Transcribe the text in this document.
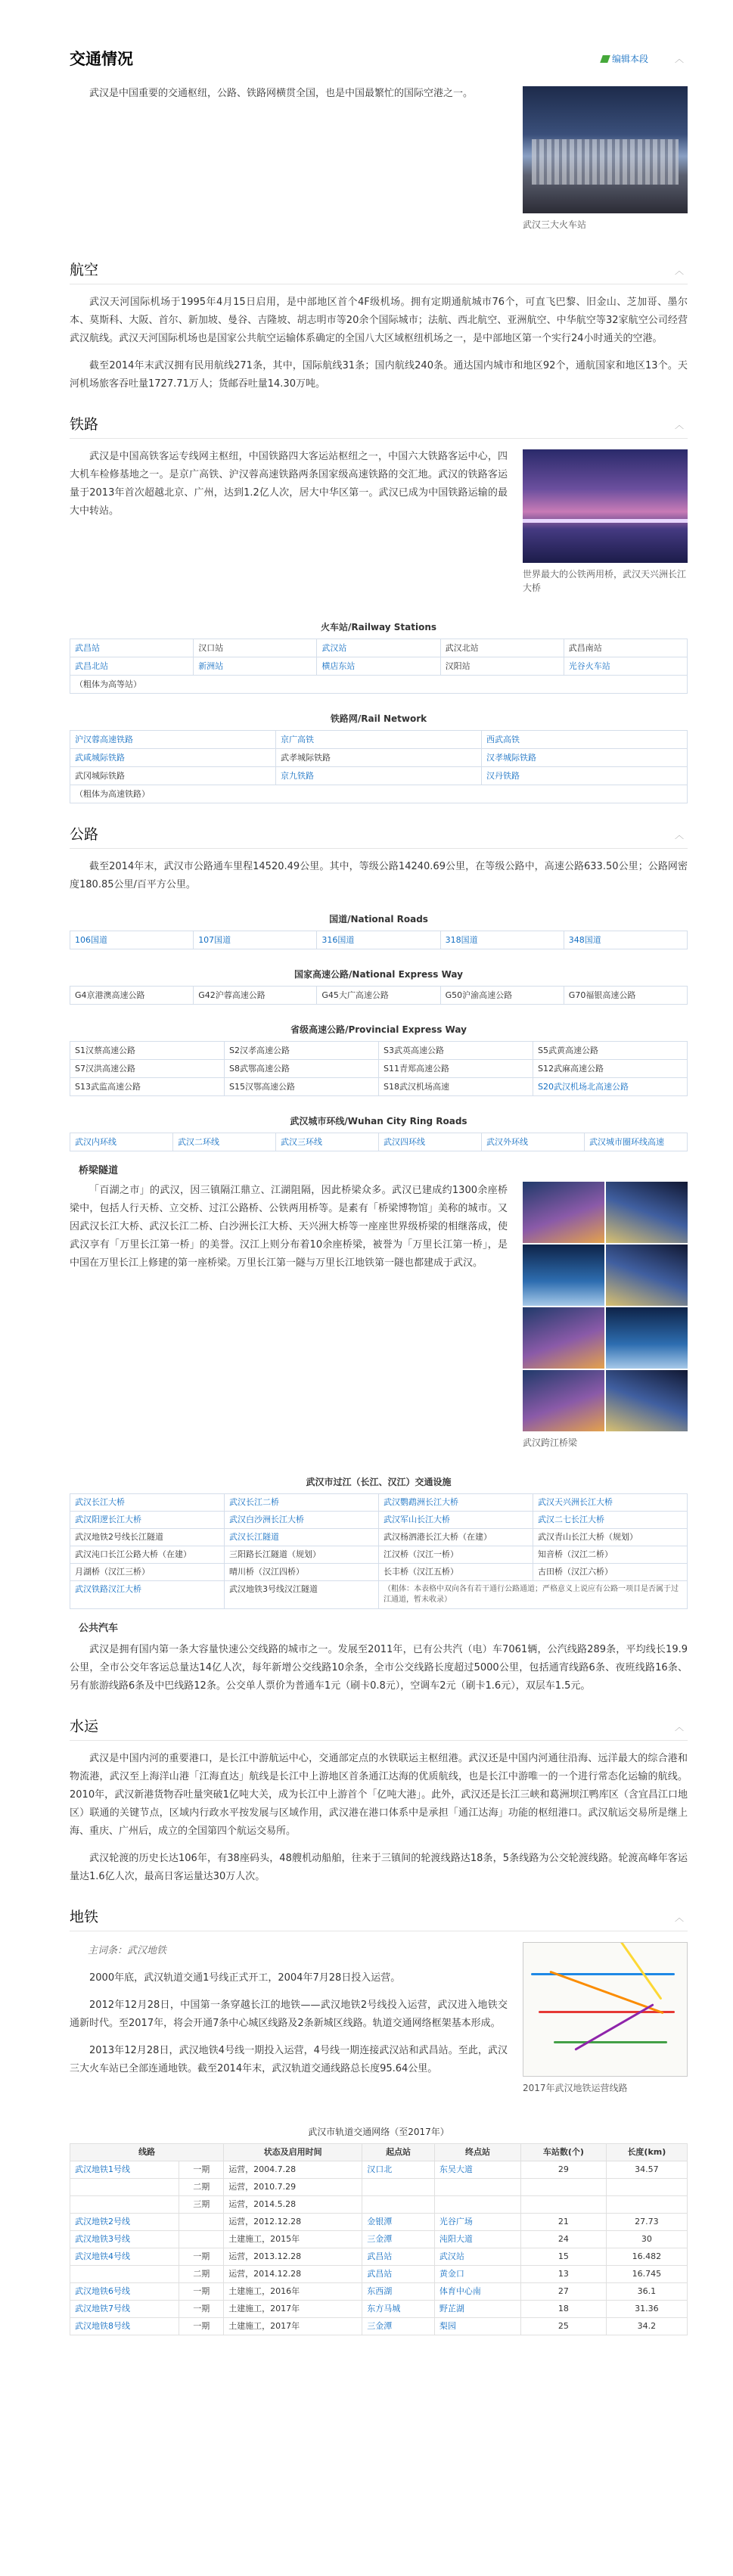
交通情况	编辑本段	︿
武汉三大火车站

武汉是中国重要的交通枢纽，公路、铁路网横贯全国，也是中国最繁忙的国际空港之一。

航空	︿

武汉天河国际机场于1995年4月15日启用，是中部地区首个4F级机场。拥有定期通航城市76个，可直飞巴黎、旧金山、芝加哥、墨尔本、莫斯科、大阪、首尔、新加坡、曼谷、吉隆坡、胡志明市等20余个国际城市；法航、西北航空、亚洲航空、中华航空等32家航空公司经营武汉航线。武汉天河国际机场也是国家公共航空运输体系确定的全国八大区域枢纽机场之一，是中部地区第一个实行24小时通关的空港。

截至2014年末武汉拥有民用航线271条，其中，国际航线31条；国内航线240条。通达国内城市和地区92个，通航国家和地区13个。天河机场旅客吞吐量1727.71万人；货邮吞吐量14.30万吨。

铁路	︿
世界最大的公铁两用桥，武汉天兴洲长江大桥

武汉是中国高铁客运专线网主枢纽，中国铁路四大客运站枢纽之一，中国六大铁路客运中心，四大机车检修基地之一。是京广高铁、沪汉蓉高速铁路两条国家级高速铁路的交汇地。武汉的铁路客运量于2013年首次超越北京、广州，达到1.2亿人次，居大中华区第一。武汉已成为中国铁路运输的最大中转站。

火车站/Railway Stations
武昌站	汉口站	武汉站	武汉北站	武昌南站
武昌北站	新洲站	横店东站	汉阳站	光谷火车站
（粗体为高等站）
铁路网/Rail Network
沪汉蓉高速铁路	京广高铁	西武高铁
武咸城际铁路	武孝城际铁路	汉孝城际铁路
武冈城际铁路	京九铁路	汉丹铁路
（粗体为高速铁路）
公路	︿

截至2014年末，武汉市公路通车里程14520.49公里。其中，等级公路14240.69公里，在等级公路中，高速公路633.50公里；公路网密度180.85公里/百平方公里。

国道/National Roads
106国道	107国道	316国道	318国道	348国道
国家高速公路/National Express Way
G4京港澳高速公路	G42沪蓉高速公路	G45大广高速公路	G50沪渝高速公路	G70福银高速公路
省级高速公路/Provincial Express Way
S1汉蔡高速公路	S2汉孝高速公路	S3武英高速公路	S5武黄高速公路
S7汉洪高速公路	S8武鄂高速公路	S11青郑高速公路	S12武麻高速公路
S13武监高速公路	S15汉鄂高速公路	S18武汉机场高速	S20武汉机场北高速公路
武汉城市环线/Wuhan City Ring Roads
武汉内环线	武汉二环线	武汉三环线	武汉四环线	武汉外环线	武汉城市圈环线高速
桥梁隧道
武汉跨江桥梁

「百湖之市」的武汉，因三镇隔江鼎立、江湖阻隔，因此桥梁众多。武汉已建成约1300余座桥梁中，包括人行天桥、立交桥、过江公路桥、公铁两用桥等。是素有「桥梁博物馆」美称的城市。又因武汉长江大桥、武汉长江二桥、白沙洲长江大桥、天兴洲大桥等一座座世界级桥梁的相继落成，使武汉享有「万里长江第一桥」的美誉。汉江上则分布着10余座桥梁，被誉为「万里长江第一桥」，是中国在万里长江上修建的第一座桥梁。万里长江第一隧与万里长江地铁第一隧也都建成于武汉。

武汉市过江（长江、汉江）交通设施
武汉长江大桥	武汉长江二桥	武汉鹦鹉洲长江大桥	武汉天兴洲长江大桥
武汉阳逻长江大桥	武汉白沙洲长江大桥	武汉军山长江大桥	武汉二七长江大桥
武汉地铁2号线长江隧道	武汉长江隧道	武汉杨泗港长江大桥（在建）	武汉青山长江大桥（规划）
武汉沌口长江公路大桥（在建）	三阳路长江隧道（规划）	江汉桥（汉江一桥）	知音桥（汉江二桥）
月湖桥（汉江三桥）	晴川桥（汉江四桥）	长丰桥（汉江五桥）	古田桥（汉江六桥）
武汉铁路汉江大桥	武汉地铁3号线汉江隧道	（粗体：本表格中双向各有若干通行公路通道；严格意义上说应有公路一项目是否属于过江通道，暂未收录）
公共汽车

武汉是拥有国内第一条大容量快速公交线路的城市之一。发展至2011年，已有公共汽（电）车7061辆，公汽线路289条，平均线长19.9公里，全市公交年客运总量达14亿人次，每年新增公交线路10余条，全市公交线路长度超过5000公里，包括通宵线路6条、夜班线路16条、另有旅游线路6条及中巴线路12条。公交单人票价为普通车1元（刷卡0.8元），空调车2元（刷卡1.6元），双层车1.5元。

水运	︿

武汉是中国内河的重要港口，是长江中游航运中心，交通部定点的水铁联运主枢纽港。武汉还是中国内河通往沿海、远洋最大的综合港和物流港，武汉至上海洋山港「江海直达」航线是长江中上游地区首条通江达海的优质航线，也是长江中游唯一的一个进行常态化运输的航线。2010年，武汉新港货物吞吐量突破1亿吨大关，成为长江中上游首个「亿吨大港」。此外，武汉还是长江三峡和葛洲坝江鸭库区（含宜昌江口地区）联通的关键节点，区域内行政水平按发展与区域作用，武汉港在港口体系中是承担「通江达海」功能的枢纽港口。武汉航运交易所是继上海、重庆、广州后，成立的全国第四个航运交易所。

武汉轮渡的历史长达106年，有38座码头，48艘机动船舶，往来于三镇间的轮渡线路达18条，5条线路为公交轮渡线路。轮渡高峰年客运量达1.6亿人次，最高日客运量达30万人次。

地铁	︿
2017年武汉地铁运营线路

主词条：武汉地铁

2000年底，武汉轨道交通1号线正式开工，2004年7月28日投入运营。

2012年12月28日，中国第一条穿越长江的地铁——武汉地铁2号线投入运营，武汉进入地铁交通新时代。至2017年，将会开通7条中心城区线路及2条新城区线路。轨道交通网络框架基本形成。

2013年12月28日，武汉地铁4号线一期投入运营，4号线一期连接武汉站和武昌站。至此，武汉三大火车站已全部连通地铁。截至2014年末，武汉轨道交通线路总长度95.64公里。

武汉市轨道交通网络（至2017年）
线路		状态及启用时间	起点站	终点站	车站数(个)	长度(km)
武汉地铁1号线	一期	运营，2004.7.28	汉口北	东吴大道	29	34.57
	二期	运营，2010.7.29				
	三期	运营，2014.5.28				
武汉地铁2号线		运营，2012.12.28	金银潭	光谷广场	21	27.73
武汉地铁3号线		土建施工，2015年	三金潭	沌阳大道	24	30
武汉地铁4号线	一期	运营，2013.12.28	武昌站	武汉站	15	16.482
	二期	运营，2014.12.28	武昌站	黄金口	13	16.745
武汉地铁6号线	一期	土建施工，2016年	东西湖	体育中心南	27	36.1
武汉地铁7号线	一期	土建施工，2017年	东方马城	野芷湖	18	31.36
武汉地铁8号线	一期	土建施工，2017年	三金潭	梨园	25	34.2
